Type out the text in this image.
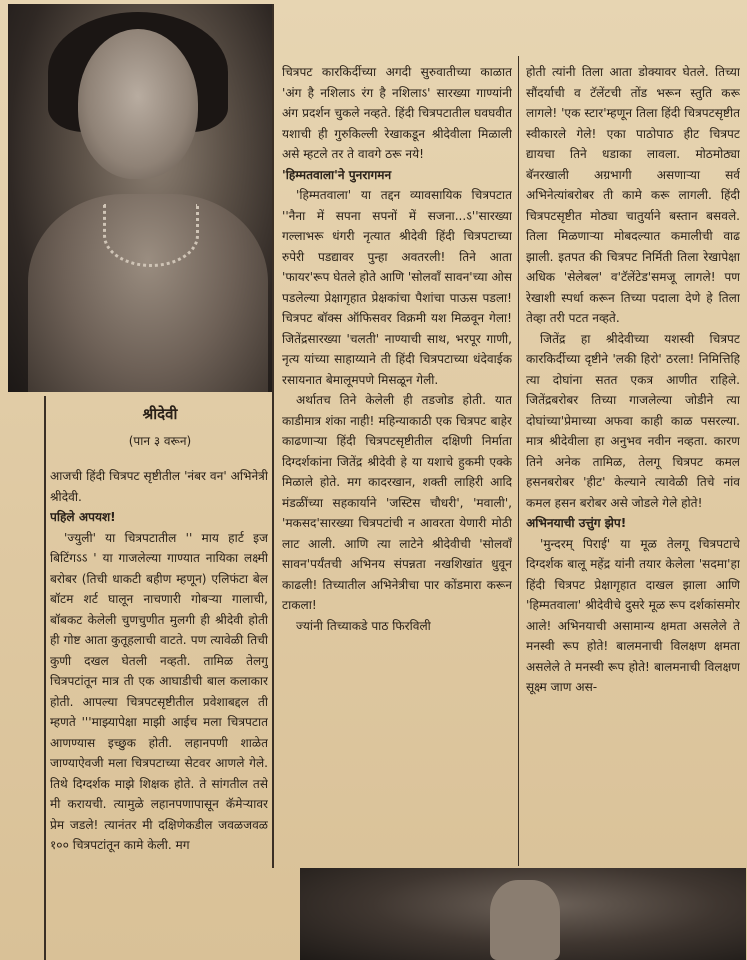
श्रीदेवी
(पान ३ वरून)

आजची हिंदी चित्रपट सृष्टीतील 'नंबर वन' अभिनेत्री श्रीदेवी.

पहिले अपयश!

'ज्युली' या चित्रपटातील '' माय हार्ट इज बिटिंगऽऽ ' या गाजलेल्या गाण्यात नायिका लक्ष्मी बरोबर (तिची धाकटी बहीण म्हणून) एलिफंटा बेल बॉटम शर्ट घालून नाचणारी गोबऱ्या गालाची, बॉबकट केलेली चुणचुणीत मुलगी ही श्रीदेवी होती ही गोष्ट आता कुतूहलाची वाटते. पण त्यावेळी तिची कुणी दखल घेतली नव्हती. तामिळ तेलगु चित्रपटांतून मात्र ती एक आघाडीची बाल कलाकार होती. आपल्या चित्रपटसृष्टीतील प्रवेशाबद्दल ती म्हणते '''माझ्यापेक्षा माझी आईच मला चित्रपटात आणण्यास इच्छुक होती. लहानपणी शाळेत जाण्याऐवजी मला चित्रपटाच्या सेटवर आणले गेले. तिथे दिग्दर्शक माझे शिक्षक होते. ते सांगतील तसे मी करायची. त्यामुळे लहानपणापासून कॅमेऱ्यावर प्रेम जडले! त्यानंतर मी दक्षिणेकडील जवळजवळ १०० चित्रपटांतून कामे केली. मग

चित्रपट कारकिर्दीच्या अगदी सुरुवातीच्या काळात 'अंग है नशिलाऽ रंग है नशिलाऽ' सारख्या गाण्यांनी अंग प्रदर्शन चुकले नव्हते. हिंदी चित्रपटातील घवघवीत यशाची ही गुरुकिल्ली रेखाकडून श्रीदेवीला मिळाली असे म्हटले तर ते वावगे ठरू नये!

'हिम्मतवाला'ने पुनरागमन

'हिम्मतवाला' या तद्दन व्यावसायिक चित्रपटात ''नैना में सपना सपनों में सजना...ऽ''सारख्या गल्लाभरू धंगरी नृत्यात श्रीदेवी हिंदी चित्रपटाच्या रुपेरी पडद्यावर पुन्हा अवतरली! तिने आता 'फायर'रूप घेतले होते आणि 'सोलवाँ सावन'च्या ओस पडलेल्या प्रेक्षागृहात प्रेक्षकांचा पैशांचा पाऊस पडला! चित्रपट बॉक्स ऑफिसवर विक्रमी यश मिळवून गेला! जितेंद्रसारख्या 'चलती' नाण्याची साथ, भरपूर गाणी, नृत्य यांच्या साहाय्याने ती हिंदी चित्रपटाच्या धंदेवाईक रसायनात बेमालूमपणे मिसळून गेली.

अर्थातच तिने केलेली ही तडजोड होती. यात काडीमात्र शंका नाही! महिन्याकाठी एक चित्रपट बाहेर काढणाऱ्या हिंदी चित्रपटसृष्टीतील दक्षिणी निर्माता दिग्दर्शकांना जितेंद्र श्रीदेवी हे या यशाचे हुकमी एक्के मिळाले होते. मग कादरखान, शक्ती लाहिरी आदि मंडळींच्या सहकार्याने 'जस्टिस चौधरी', 'मवाली', 'मकसद'सारख्या चित्रपटांची न आवरता येणारी मोठी लाट आली. आणि त्या लाटेने श्रीदेवीची 'सोलवाँ सावन'पर्यंतची अभिनय संपन्नता नखशिखांत धुवून काढली! तिच्यातील अभिनेत्रीचा पार कोंडमारा करून टाकला!

ज्यांनी तिच्याकडे पाठ फिरविली

होती त्यांनी तिला आता डोक्यावर घेतले. तिच्या सौंदर्याची व टॅलेंटची तोंड भरून स्तुति करू लागले! 'एक स्टार'म्हणून तिला हिंदी चित्रपटसृष्टीत स्वीकारले गेले! एका पाठोपाठ हीट चित्रपट द्यायचा तिने धडाका लावला. मोठमोठ्या बॅनरखाली अग्रभागी असणाऱ्या सर्व अभिनेत्यांबरोबर ती कामे करू लागली. हिंदी चित्रपटसृष्टीत मोठ्या चातुर्याने बस्तान बसवले. तिला मिळणाऱ्या मोबदल्यात कमालीची वाढ झाली. इतपत की चित्रपट निर्मिती तिला रेखापेक्षा अधिक 'सेलेबल' व'टॅलेंटेड'समजू लागले! पण रेखाशी स्पर्धा करून तिच्या पदाला देणे हे तिला तेव्हा तरी पटत नव्हते.

जितेंद्र हा श्रीदेवीच्या यशस्वी चित्रपट कारकिर्दीच्या दृष्टीने 'लकी हिरो' ठरला! निमित्तिहि त्या दोघांना सतत एकत्र आणीत राहिले. जितेंद्रबरोबर तिच्या गाजलेल्या जोडीने त्या दोघांच्या'प्रेमाच्या अफवा काही काळ पसरल्या. मात्र श्रीदेवीला हा अनुभव नवीन नव्हता. कारण तिने अनेक तामिळ, तेलगू चित्रपट कमल हसनबरोबर 'हीट' केल्याने त्यावेळी तिचे नांव कमल हसन बरोबर असे जोडले गेले होते!

अभिनयाची उत्तुंग झेप!

'मुन्दरम् पिराई' या मूळ तेलगू चित्रपटाचे दिग्दर्शक बालू महेंद्र यांनी तयार केलेला 'सदमा'हा हिंदी चित्रपट प्रेक्षागृहात दाखल झाला आणि 'हिम्मतवाला' श्रीदेवीचे दुसरे मूळ रूप दर्शकांसमोर आले! अभिनयाची असामान्य क्षमता असलेले ते मनस्वी रूप होते! बालमनाची विलक्षण क्षमता असलेले ते मनस्वी रूप होते! बालमनाची विलक्षण सूक्ष्म जाण अस-
